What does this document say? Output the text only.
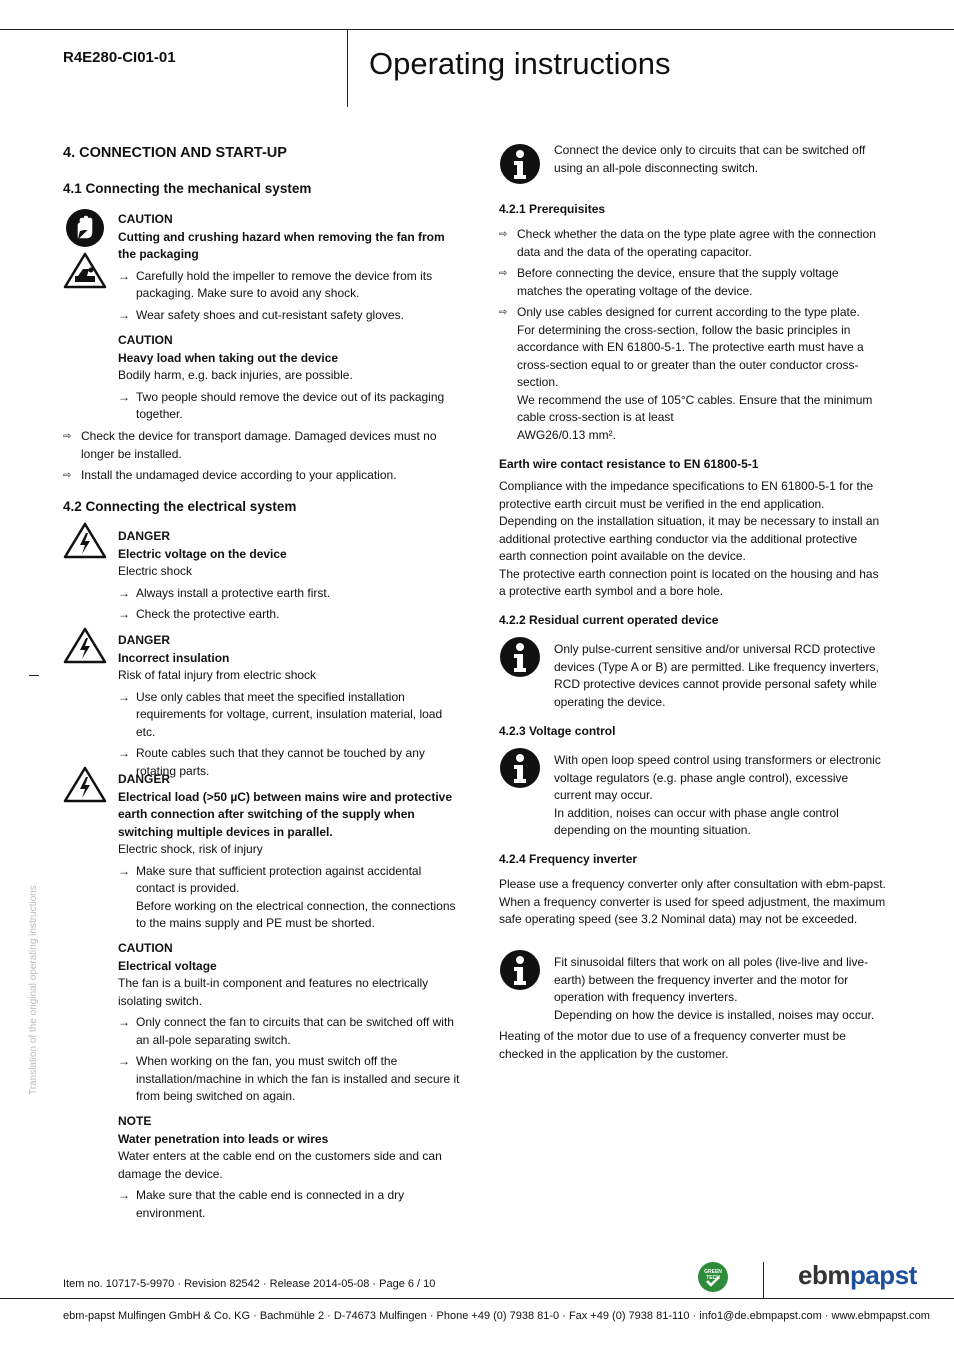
R4E280-CI01-01	Operating instructions
Translation of the original operating instructions
4. CONNECTION AND START-UP
4.1 Connecting the mechanical system
CAUTION
Cutting and crushing hazard when removing the fan from the packaging
→ Carefully hold the impeller to remove the device from its packaging. Make sure to avoid any shock.
→ Wear safety shoes and cut-resistant safety gloves.
CAUTION
Heavy load when taking out the device
Bodily harm, e.g. back injuries, are possible.
→ Two people should remove the device out of its packaging together.
⇨ Check the device for transport damage. Damaged devices must no longer be installed.
⇨ Install the undamaged device according to your application.
4.2 Connecting the electrical system
DANGER
Electric voltage on the device
Electric shock
→ Always install a protective earth first.
→ Check the protective earth.
DANGER
Incorrect insulation
Risk of fatal injury from electric shock
→ Use only cables that meet the specified installation requirements for voltage, current, insulation material, load etc.
→ Route cables such that they cannot be touched by any rotating parts.
DANGER
Electrical load (>50 µC) between mains wire and protective earth connection after switching of the supply when switching multiple devices in parallel.
Electric shock, risk of injury
→ Make sure that sufficient protection against accidental contact is provided.
Before working on the electrical connection, the connections to the mains supply and PE must be shorted.
CAUTION
Electrical voltage
The fan is a built-in component and features no electrically isolating switch.
→ Only connect the fan to circuits that can be switched off with an all-pole separating switch.
→ When working on the fan, you must switch off the installation/machine in which the fan is installed and secure it from being switched on again.
NOTE
Water penetration into leads or wires
Water enters at the cable end on the customers side and can damage the device.
→ Make sure that the cable end is connected in a dry environment.
Connect the device only to circuits that can be switched off using an all-pole disconnecting switch.
4.2.1 Prerequisites
⇨ Check whether the data on the type plate agree with the connection data and the data of the operating capacitor.
⇨ Before connecting the device, ensure that the supply voltage matches the operating voltage of the device.
⇨ Only use cables designed for current according to the type plate.
For determining the cross-section, follow the basic principles in accordance with EN 61800-5-1. The protective earth must have a cross-section equal to or greater than the outer conductor cross-section.
We recommend the use of 105°C cables. Ensure that the minimum cable cross-section is at least
AWG26/0.13 mm².
Earth wire contact resistance to EN 61800-5-1

Compliance with the impedance specifications to EN 61800-5-1 for the protective earth circuit must be verified in the end application.

Depending on the installation situation, it may be necessary to install an additional protective earthing conductor via the additional protective earth connection point available on the device.

The protective earth connection point is located on the housing and has a protective earth symbol and a bore hole.

4.2.2 Residual current operated device
Only pulse-current sensitive and/or universal RCD protective devices (Type A or B) are permitted. Like frequency inverters, RCD protective devices cannot provide personal safety while operating the device.
4.2.3 Voltage control

With open loop speed control using transformers or electronic voltage regulators (e.g. phase angle control), excessive current may occur.

In addition, noises can occur with phase angle control depending on the mounting situation.

4.2.4 Frequency inverter
Please use a frequency converter only after consultation with ebm-papst. When a frequency converter is used for speed adjustment, the maximum safe operating speed (see 3.2 Nominal data) may not be exceeded.

Fit sinusoidal filters that work on all poles (live-live and live-earth) between the frequency inverter and the motor for operation with frequency inverters.

Depending on how the device is installed, noises may occur.

Heating of the motor due to use of a frequency converter must be checked in the application by the customer.
Item no. 10717-5-9970 · Revision 82542 · Release 2014-05-08 · Page 6 / 10
GREEN
TECH	ebmpapst
ebm-papst Mulfingen GmbH & Co. KG · Bachmühle 2 · D-74673 Mulfingen · Phone +49 (0) 7938 81-0 · Fax +49 (0) 7938 81-110 · info1@de.ebmpapst.com · www.ebmpapst.com
